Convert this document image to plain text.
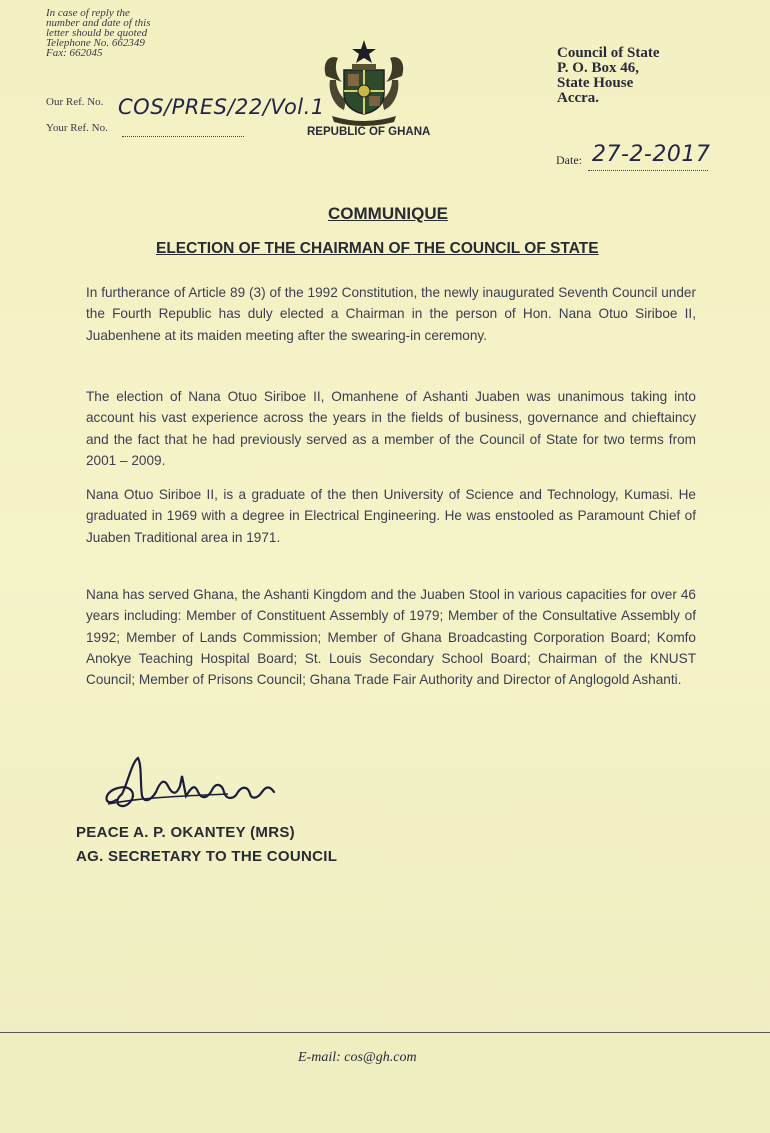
In case of reply the
number and date of this
letter should be quoted
Telephone No. 662349
Fax: 662045
Our Ref. No. COS/PRES/22/Vol.1
Your Ref. No.	REPUBLIC OF GHANA
Council of State
P. O. Box 46,
State House
Accra.
Date: 27-2-2017
COMMUNIQUE
ELECTION OF THE CHAIRMAN OF THE COUNCIL OF STATE
In furtherance of Article 89 (3) of the 1992 Constitution, the newly inaugurated Seventh Council under the Fourth Republic has duly elected a Chairman in the person of Hon. Nana Otuo Siriboe II, Juabenhene at its maiden meeting after the swearing-in ceremony.
The election of Nana Otuo Siriboe II, Omanhene of Ashanti Juaben was unanimous taking into account his vast experience across the years in the fields of business, governance and chieftaincy and the fact that he had previously served as a member of the Council of State for two terms from 2001 – 2009.
Nana Otuo Siriboe II, is a graduate of the then University of Science and Technology, Kumasi. He graduated in 1969 with a degree in Electrical Engineering. He was enstooled as Paramount Chief of Juaben Traditional area in 1971.
Nana has served Ghana, the Ashanti Kingdom and the Juaben Stool in various capacities for over 46 years including: Member of Constituent Assembly of 1979; Member of the Consultative Assembly of 1992; Member of Lands Commission; Member of Ghana Broadcasting Corporation Board; Komfo Anokye Teaching Hospital Board; St. Louis Secondary School Board; Chairman of the KNUST Council; Member of Prisons Council; Ghana Trade Fair Authority and Director of Anglogold Ashanti.
PEACE A. P. OKANTEY (MRS)
AG. SECRETARY TO THE COUNCIL
E-mail: cos@gh.com
